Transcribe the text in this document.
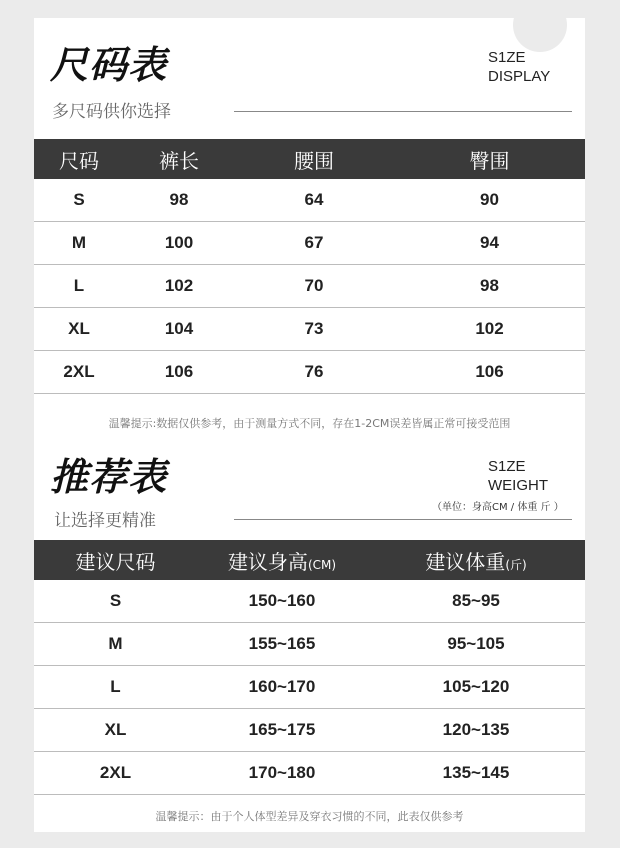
尺码表
多尺码供你选择
S1ZE
DISPLAY
尺码	裤长	腰围	臀围
S	98	64	90
M	100	67	94
L	102	70	98
XL	104	73	102
2XL	106	76	106
温馨提示:数据仅供参考，由于测量方式不同，存在1-2CM误差皆属正常可接受范围
推荐表
让选择更精准
S1ZE
WEIGHT
（单位：身高CM / 体重 斤 ）
建议尺码	建议身高(CM)	建议体重(斤)
S	150~160	85~95
M	155~165	95~105
L	160~170	105~120
XL	165~175	120~135
2XL	170~180	135~145
温馨提示：由于个人体型差异及穿衣习惯的不同，此表仅供参考
